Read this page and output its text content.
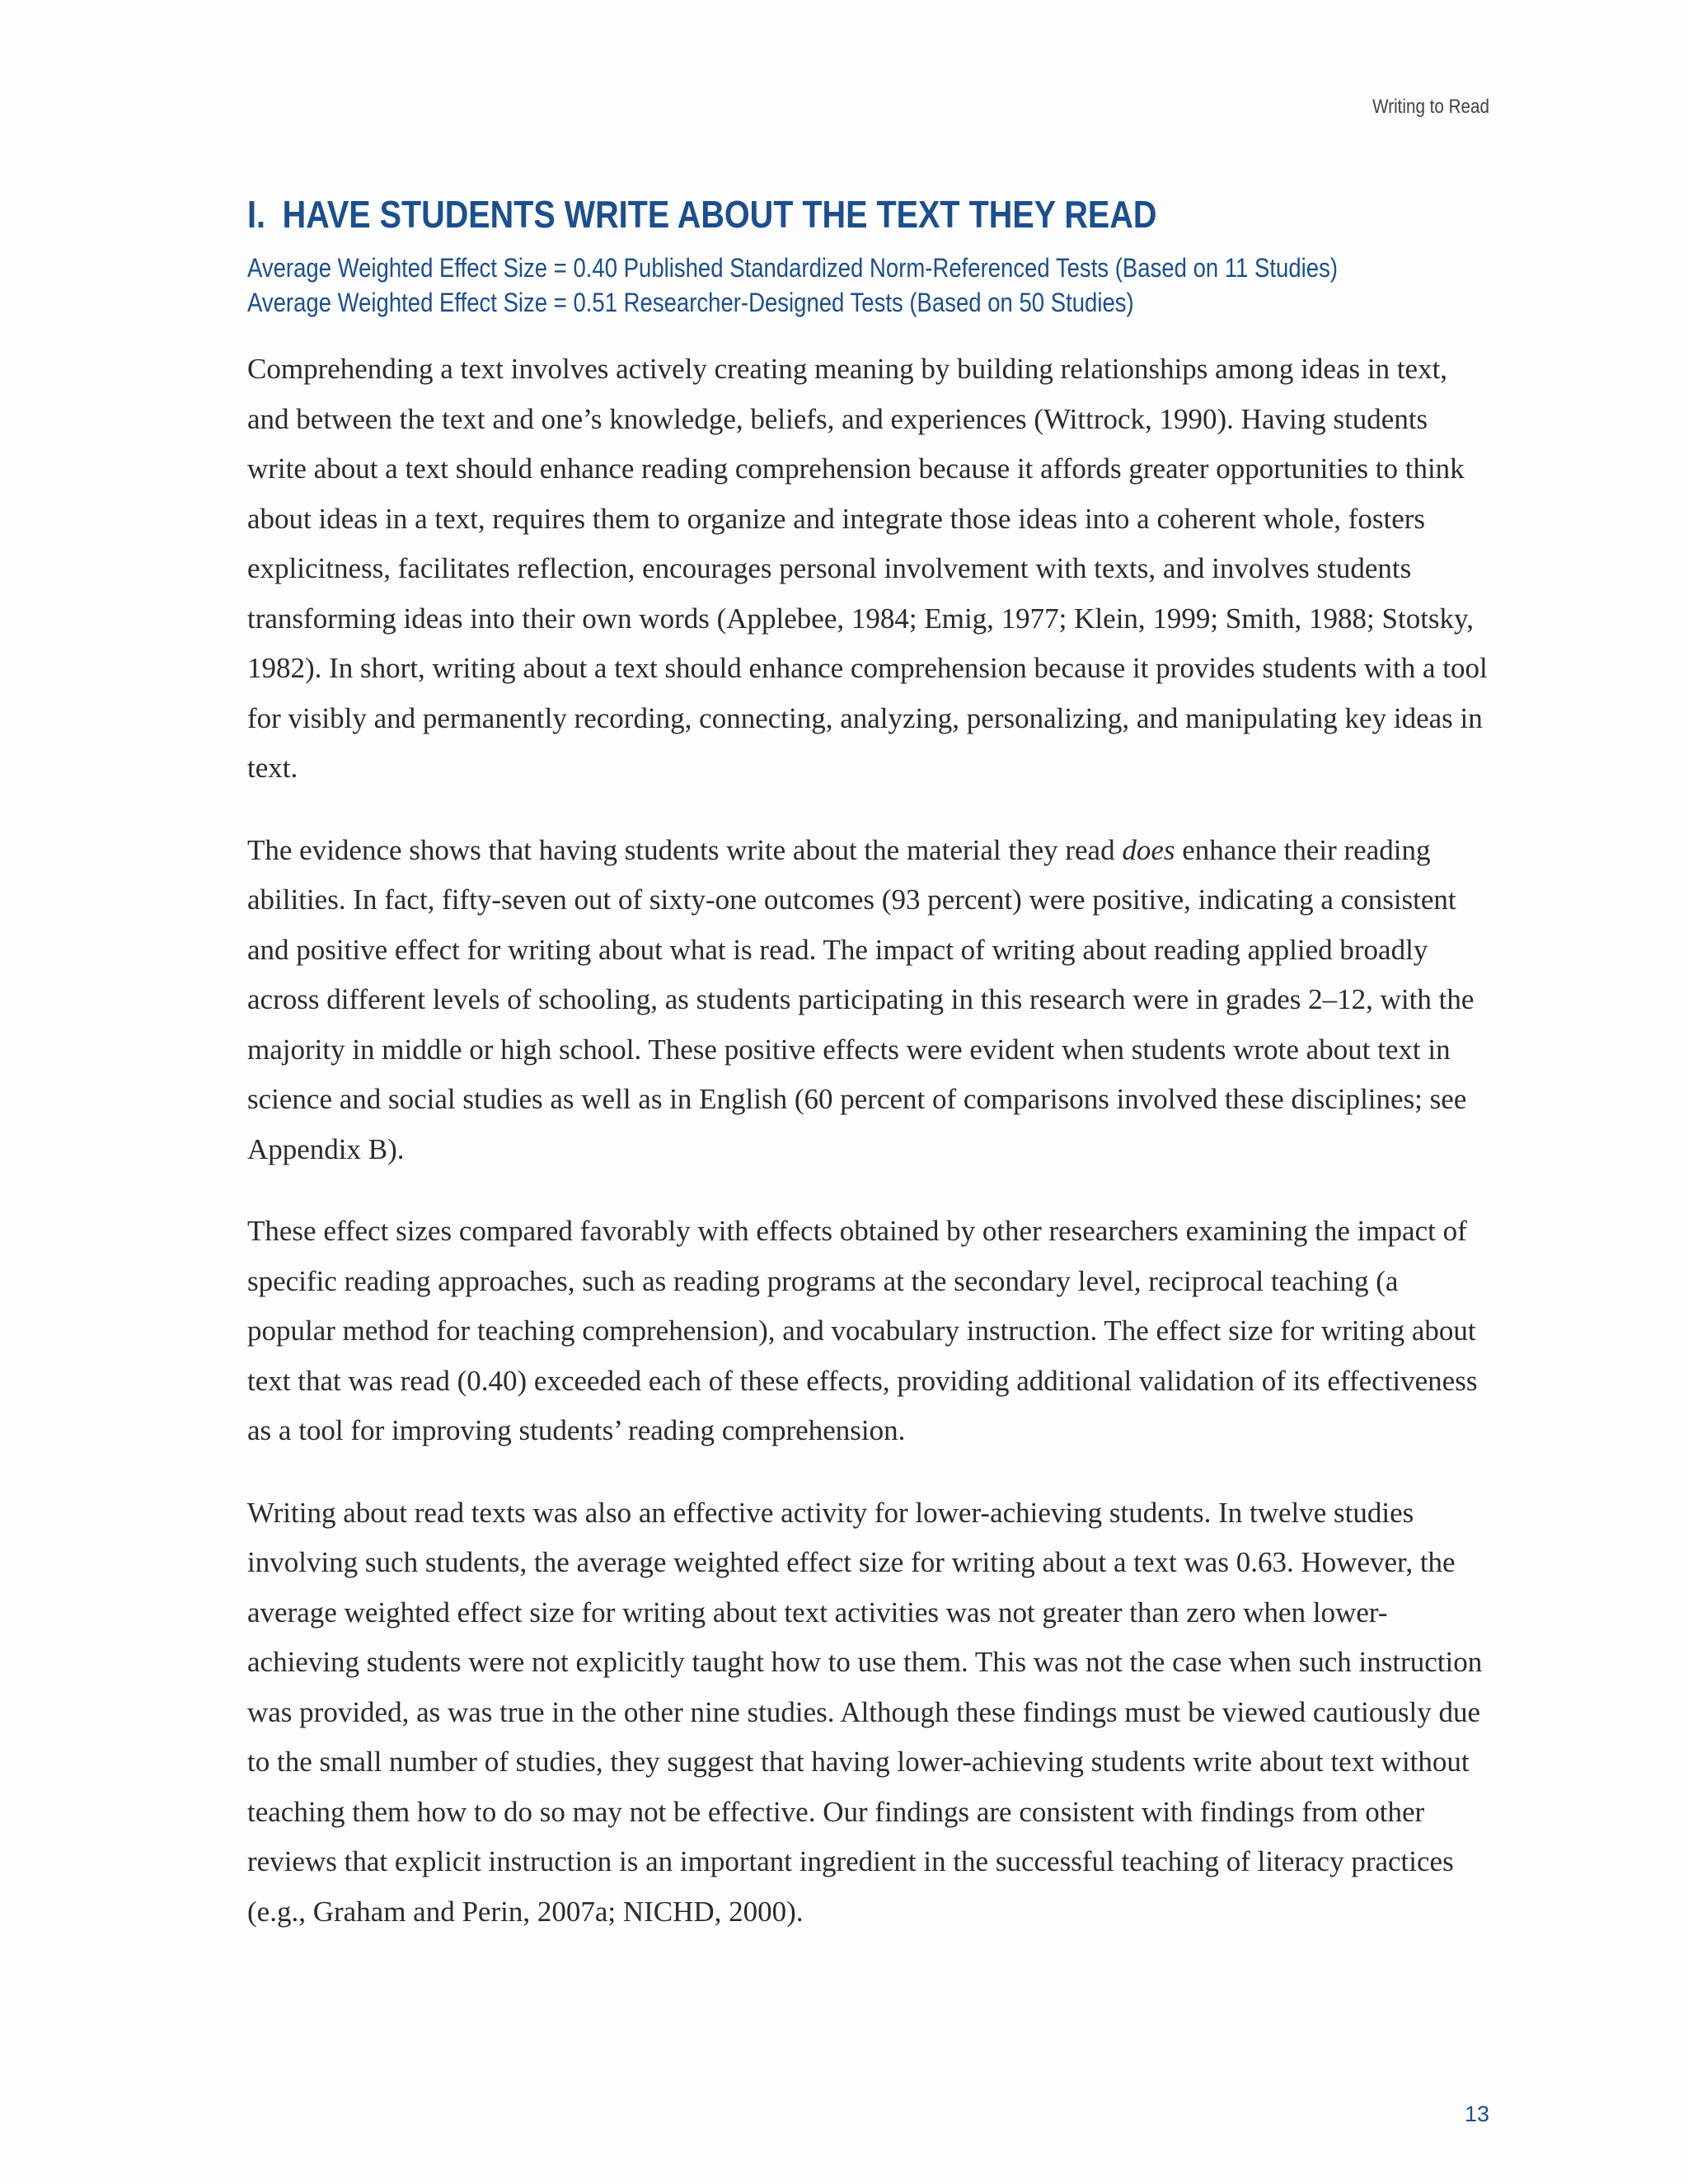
Writing to Read
I. HAVE STUDENTS WRITE ABOUT THE TEXT THEY READ
Average Weighted Effect Size = 0.40 Published Standardized Norm-Referenced Tests (Based on 11 Studies)
Average Weighted Effect Size = 0.51 Researcher-Designed Tests (Based on 50 Studies)

Comprehending a text involves actively creating meaning by building relationships among ideas in text, and between the text and one’s knowledge, beliefs, and experiences (Wittrock, 1990). Having students write about a text should enhance reading comprehension because it affords greater opportunities to think about ideas in a text, requires them to organize and integrate those ideas into a coherent whole, fosters explicitness, facilitates reflection, encourages personal involvement with texts, and involves students transforming ideas into their own words (Applebee, 1984; Emig, 1977; Klein, 1999; Smith, 1988; Stotsky, 1982). In short, writing about a text should enhance comprehension because it provides students with a tool for visibly and permanently recording, connecting, analyzing, personalizing, and manipulating key ideas in text.

The evidence shows that having students write about the material they read does enhance their reading abilities. In fact, fifty-seven out of sixty-one outcomes (93 percent) were positive, indicating a consistent and positive effect for writing about what is read. The impact of writing about reading applied broadly across different levels of schooling, as students participating in this research were in grades 2–12, with the majority in middle or high school. These positive effects were evident when students wrote about text in science and social studies as well as in English (60 percent of comparisons involved these disciplines; see Appendix B).

These effect sizes compared favorably with effects obtained by other researchers examining the impact of specific reading approaches, such as reading programs at the secondary level, reciprocal teaching (a popular method for teaching comprehension), and vocabulary instruction. The effect size for writing about text that was read (0.40) exceeded each of these effects, providing additional validation of its effectiveness as a tool for improving students’ reading comprehension.

Writing about read texts was also an effective activity for lower-achieving students. In twelve studies involving such students, the average weighted effect size for writing about a text was 0.63. However, the average weighted effect size for writing about text activities was not greater than zero when lower-achieving students were not explicitly taught how to use them. This was not the case when such instruction was provided, as was true in the other nine studies. Although these findings must be viewed cautiously due to the small number of studies, they suggest that having lower-achieving students write about text without teaching them how to do so may not be effective. Our findings are consistent with findings from other reviews that explicit instruction is an important ingredient in the successful teaching of literacy practices (e.g., Graham and Perin, 2007a; NICHD, 2000).

13
